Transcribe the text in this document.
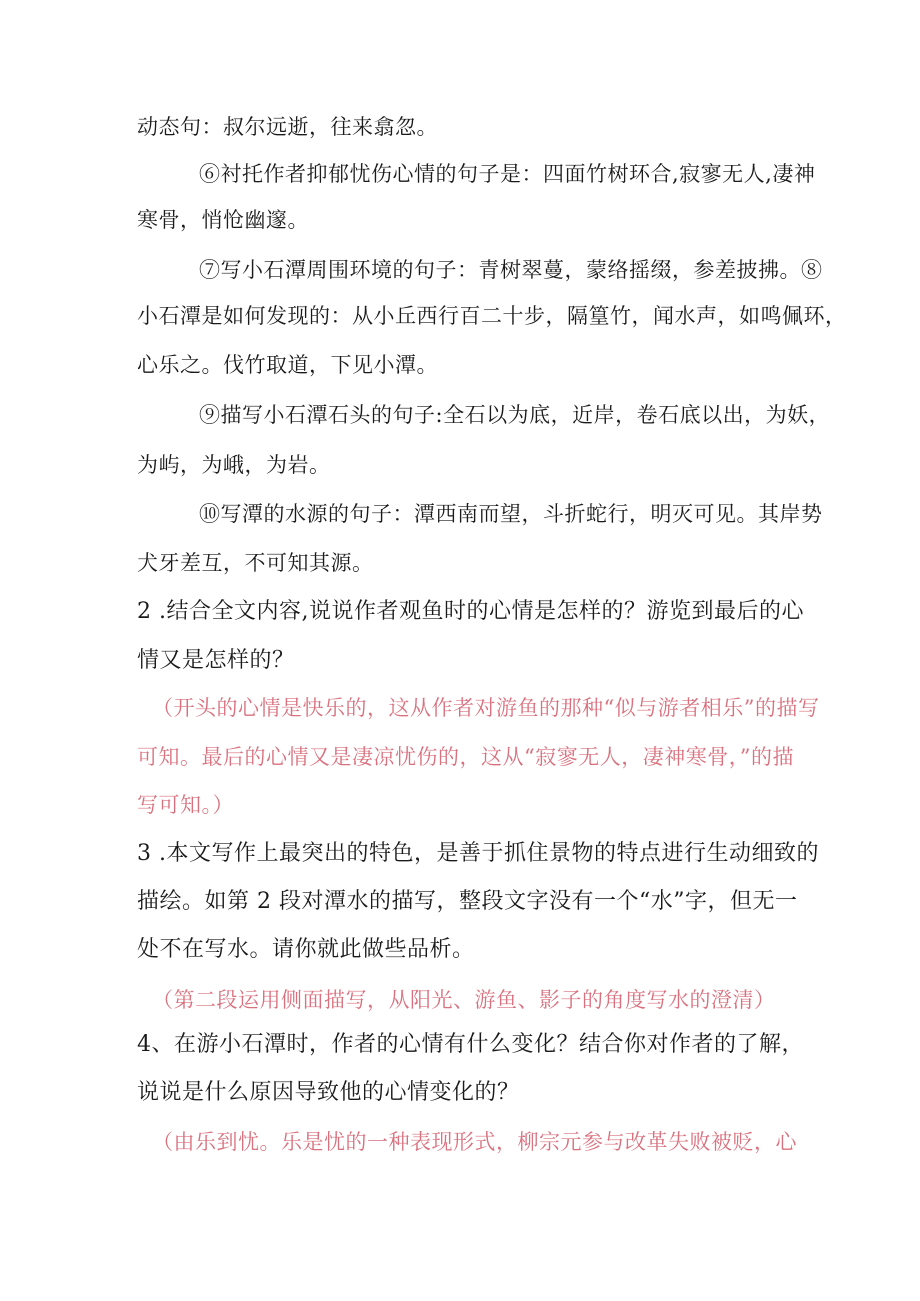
动态句：叔尔远逝，往来翕忽。
⑥衬托作者抑郁忧伤心情的句子是：四面竹树环合,寂寥无人,凄神
寒骨，悄怆幽邃。
⑦写小石潭周围环境的句子：青树翠蔓，蒙络摇缀，参差披拂。⑧
小石潭是如何发现的：从小丘西行百二十步，隔篁竹，闻水声，如鸣佩环，
心乐之。伐竹取道，下见小潭。
⑨描写小石潭石头的句子:全石以为底，近岸，卷石底以出，为妖，
为屿，为峨，为岩。
⑩写潭的水源的句子：潭西南而望，斗折蛇行，明灭可见。其岸势
犬牙差互，不可知其源。
2 .结合全文内容,说说作者观鱼时的心情是怎样的？游览到最后的心
情又是怎样的？
（开头的心情是快乐的，这从作者对游鱼的那种“似与游者相乐”的描写
可知。最后的心情又是凄凉忧伤的，这从“寂寥无人，凄神寒骨，”的描
写可知。）
3 .本文写作上最突出的特色，是善于抓住景物的特点进行生动细致的
描绘。如第 2 段对潭水的描写，整段文字没有一个“水”字，但无一
处不在写水。请你就此做些品析。
（第二段运用侧面描写，从阳光、游鱼、影子的角度写水的澄清）
4、在游小石潭时，作者的心情有什么变化？结合你对作者的了解，
说说是什么原因导致他的心情变化的？
（由乐到忧。乐是忧的一种表现形式，柳宗元参与改革失败被贬，心
